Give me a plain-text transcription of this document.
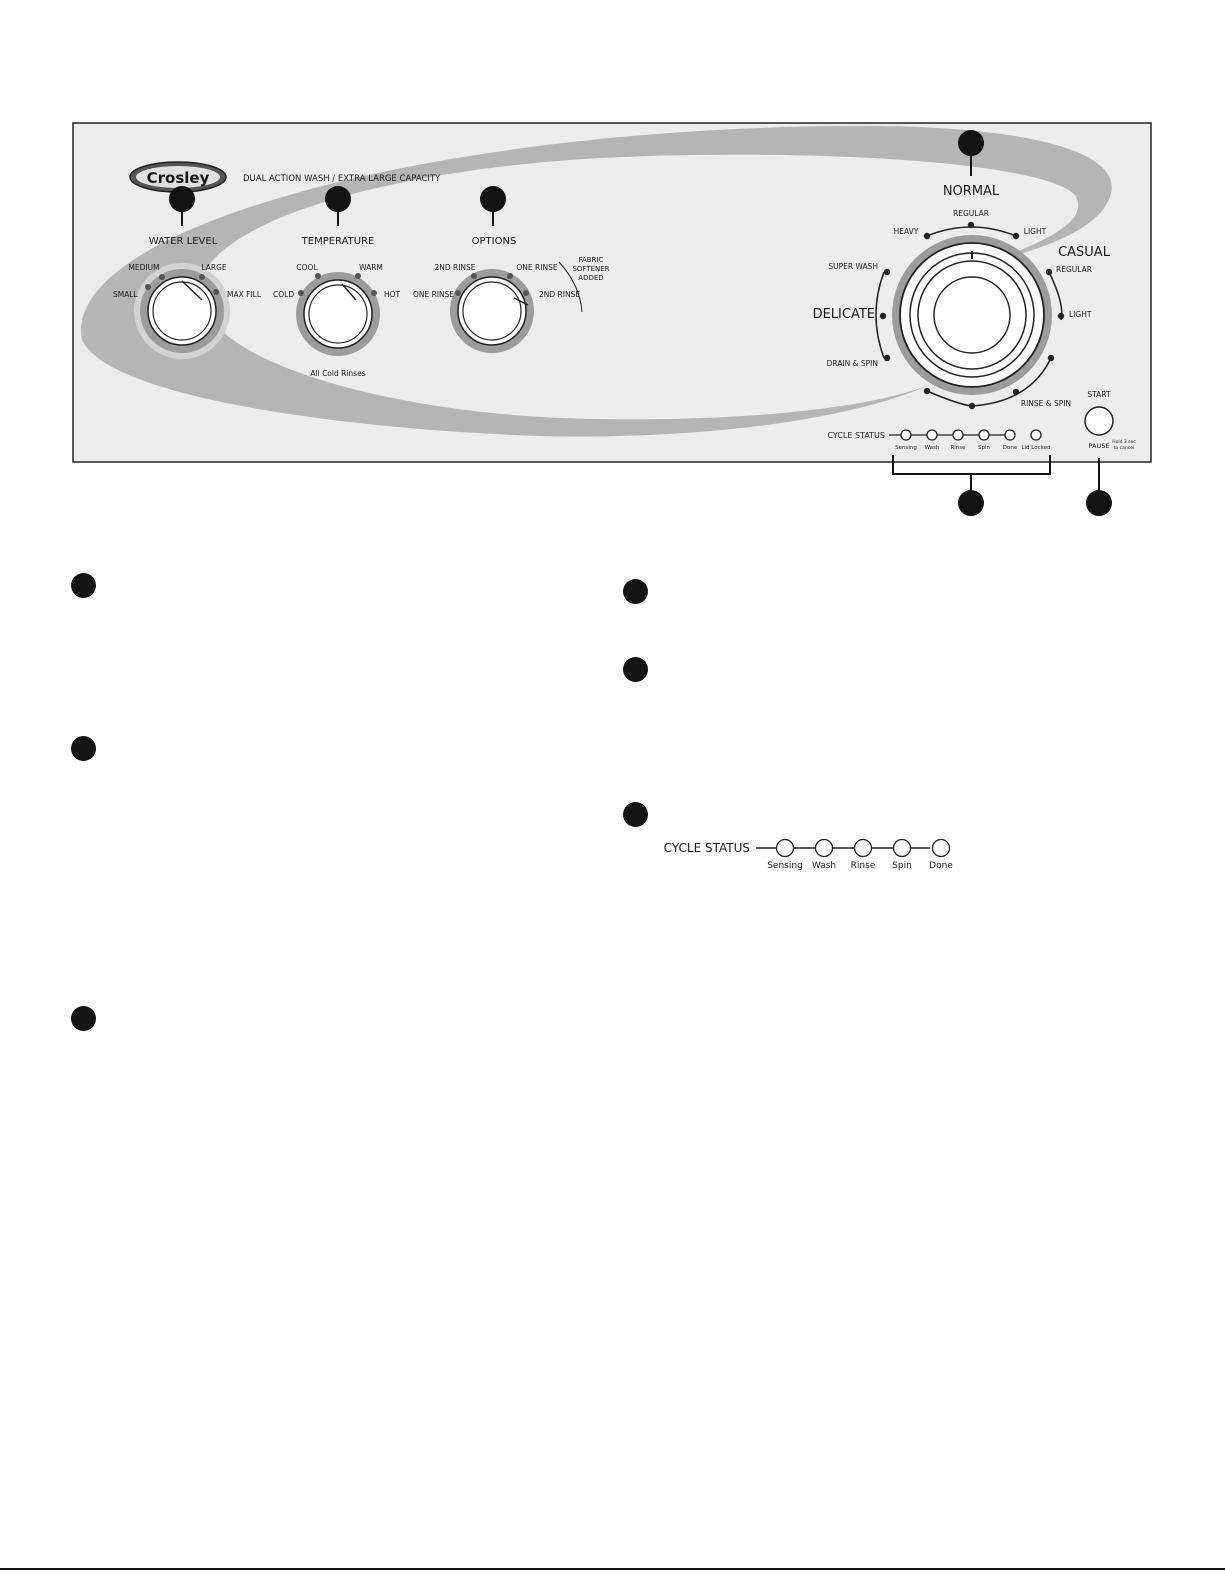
Crosley	DUAL ACTION WASH / EXTRA LARGE CAPACITY
WATER LEVEL
MEDIUM	LARGE
SMALL	MAX FILL
TEMPERATURE
COOL	WARM
COLD	HOT
All Cold Rinses
OPTIONS
2ND RINSE	ONE RINSE
ONE RINSE	2ND RINSE
FABRIC
SOFTENER
ADDED
NORMAL
REGULAR
HEAVY	LIGHT
CASUAL
REGULAR
LIGHT
SUPER WASH
DELICATE
DRAIN & SPIN
RINSE & SPIN
START
PAUSE Hold 3 sec
to cancel
CYCLE STATUS
Sensing Wash Rinse Spin Done Lid Locked
CYCLE STATUS
Sensing Wash Rinse Spin Done
